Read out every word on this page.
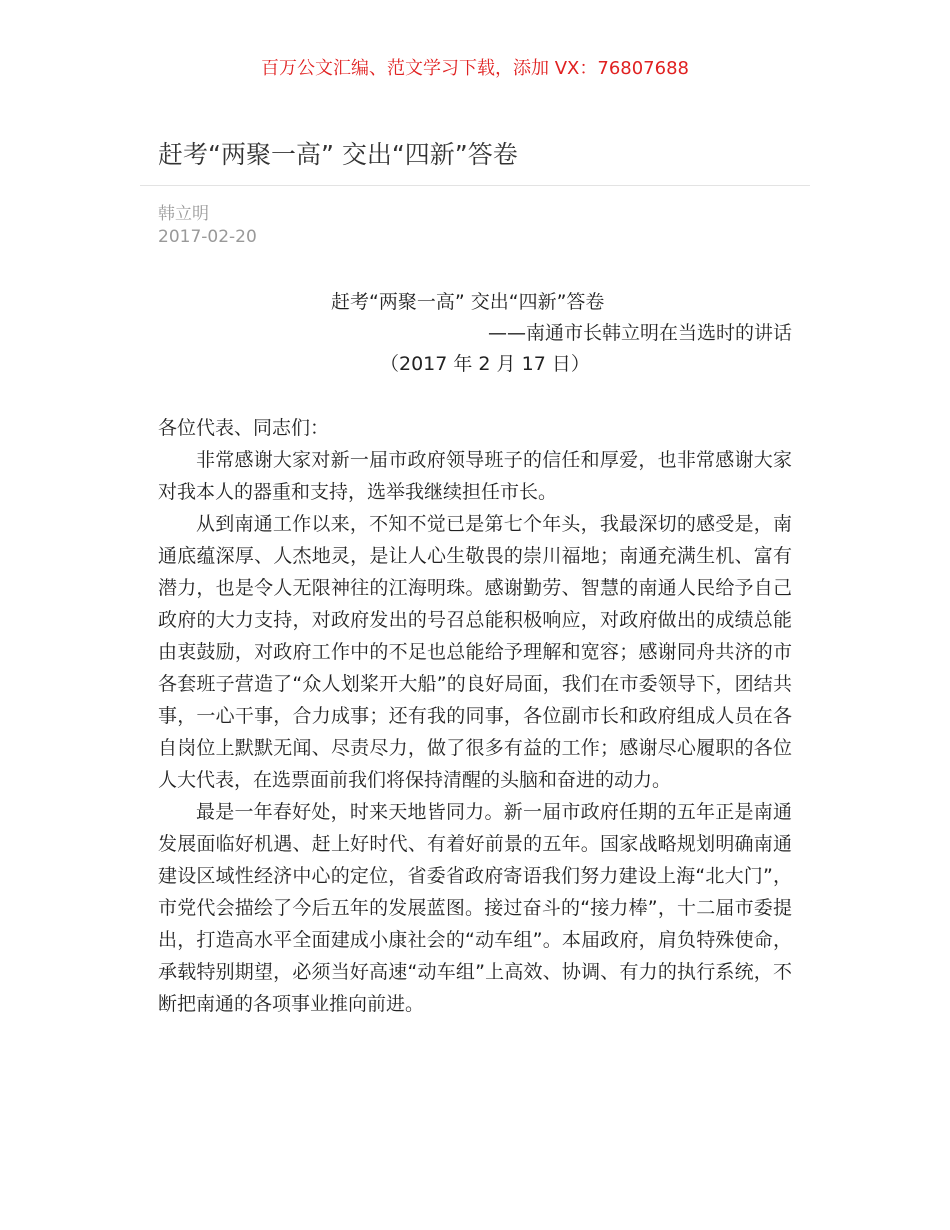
百万公文汇编、范文学习下载，添加 VX：76807688
赶考“两聚一高” 交出“四新”答卷
韩立明
2017-02-20
赶考“两聚一高” 交出“四新”答卷
——南通市长韩立明在当选时的讲话
（2017 年 2 月 17 日）

各位代表、同志们：

非常感谢大家对新一届市政府领导班子的信任和厚爱，也非常感谢大家对我本人的器重和支持，选举我继续担任市长。

从到南通工作以来，不知不觉已是第七个年头，我最深切的感受是，南通底蕴深厚、人杰地灵，是让人心生敬畏的崇川福地；南通充满生机、富有潜力，也是令人无限神往的江海明珠。感谢勤劳、智慧的南通人民给予自己政府的大力支持，对政府发出的号召总能积极响应，对政府做出的成绩总能由衷鼓励，对政府工作中的不足也总能给予理解和宽容；感谢同舟共济的市各套班子营造了“众人划桨开大船”的良好局面，我们在市委领导下，团结共事，一心干事，合力成事；还有我的同事，各位副市长和政府组成人员在各自岗位上默默无闻、尽责尽力，做了很多有益的工作；感谢尽心履职的各位人大代表，在选票面前我们将保持清醒的头脑和奋进的动力。

最是一年春好处，时来天地皆同力。新一届市政府任期的五年正是南通发展面临好机遇、赶上好时代、有着好前景的五年。国家战略规划明确南通建设区域性经济中心的定位，省委省政府寄语我们努力建设上海“北大门”，市党代会描绘了今后五年的发展蓝图。接过奋斗的“接力棒”，十二届市委提出，打造高水平全面建成小康社会的“动车组”。本届政府，肩负特殊使命，承载特别期望，必须当好高速“动车组”上高效、协调、有力的执行系统，不断把南通的各项事业推向前进。
